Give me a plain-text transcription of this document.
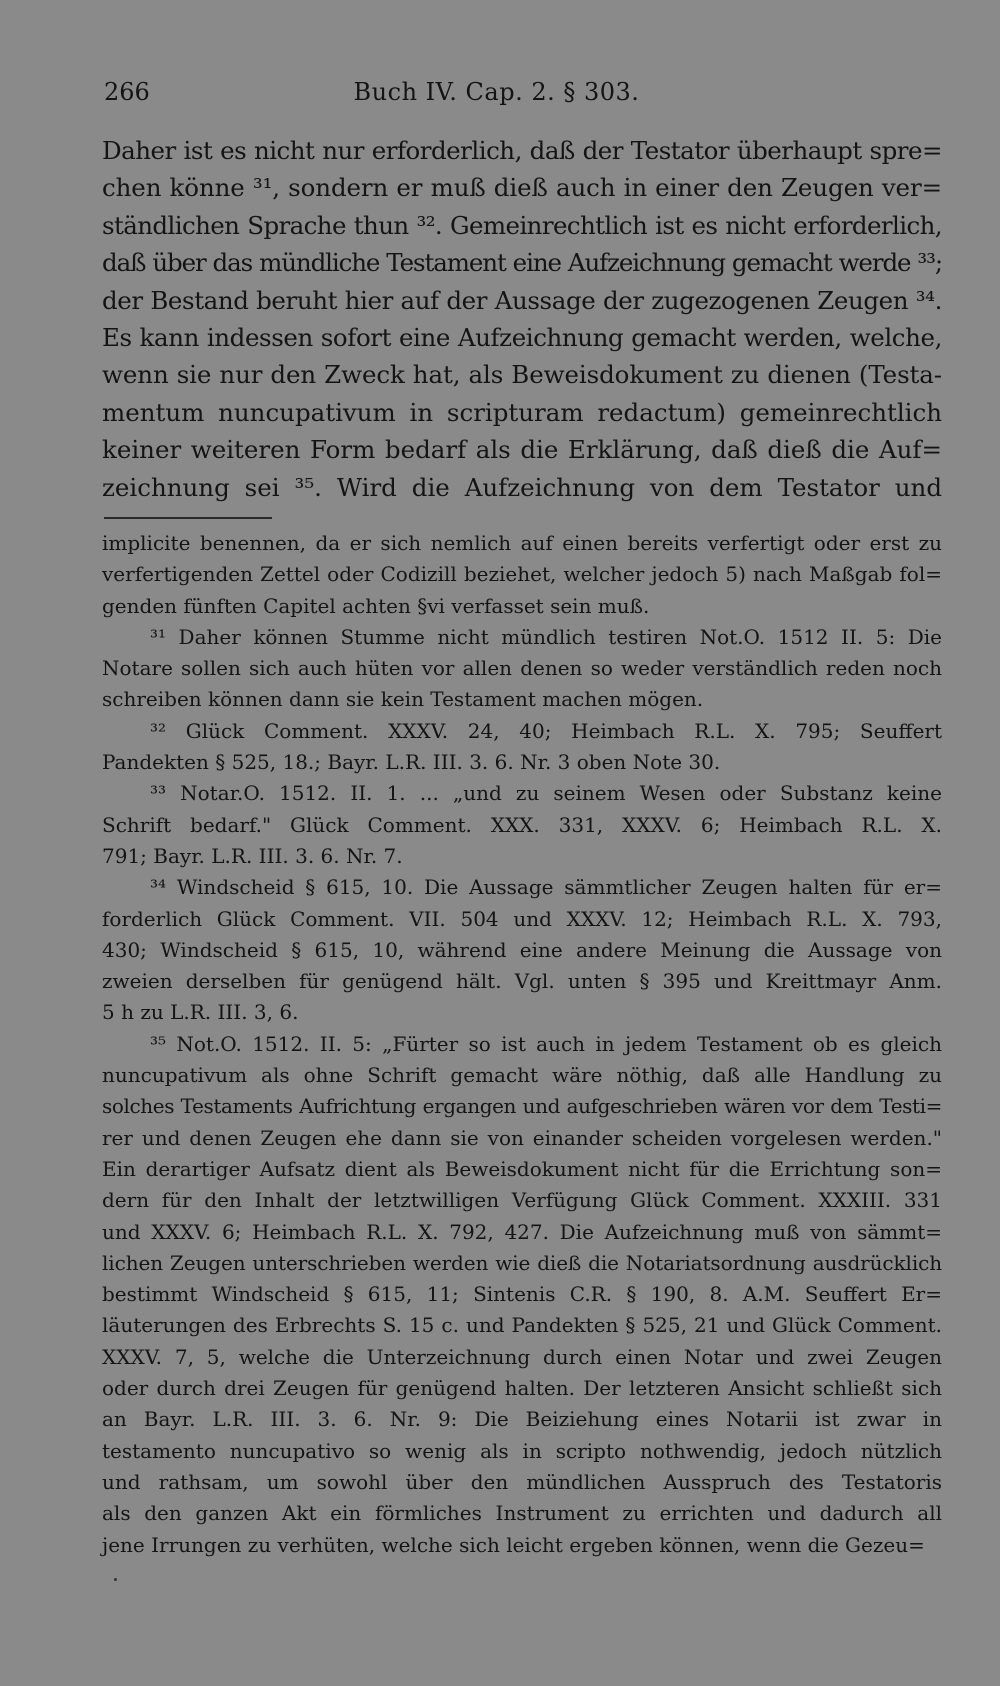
266	Buch IV. Cap. 2. § 303.
Daher ist es nicht nur erforderlich, daß der Testator überhaupt spre=
chen könne ³¹, sondern er muß dieß auch in einer den Zeugen ver=
ständlichen Sprache thun ³². Gemeinrechtlich ist es nicht erforderlich,
daß über das mündliche Testament eine Aufzeichnung gemacht werde ³³;
der Bestand beruht hier auf der Aussage der zugezogenen Zeugen ³⁴.
Es kann indessen sofort eine Aufzeichnung gemacht werden, welche,
wenn sie nur den Zweck hat, als Beweisdokument zu dienen (Testa-
mentum nuncupativum in scripturam redactum) gemeinrechtlich
keiner weiteren Form bedarf als die Erklärung, daß dieß die Auf=
zeichnung sei ³⁵. Wird die Aufzeichnung von dem Testator und
implicite benennen, da er sich nemlich auf einen bereits verfertigt oder erst zu
verfertigenden Zettel oder Codizill beziehet, welcher jedoch 5) nach Maßgab fol=
genden fünften Capitel achten §vi verfasset sein muß.
³¹ Daher können Stumme nicht mündlich testiren Not.O. 1512 II. 5: Die
Notare sollen sich auch hüten vor allen denen so weder verständlich reden noch
schreiben können dann sie kein Testament machen mögen.
³² Glück Comment. XXXV. 24, 40; Heimbach R.L. X. 795; Seuffert
Pandekten § 525, 18.; Bayr. L.R. III. 3. 6. Nr. 3 oben Note 30.
³³ Notar.O. 1512. II. 1. ... „und zu seinem Wesen oder Substanz keine
Schrift bedarf." Glück Comment. XXX. 331, XXXV. 6; Heimbach R.L. X.
791; Bayr. L.R. III. 3. 6. Nr. 7.
³⁴ Windscheid § 615, 10. Die Aussage sämmtlicher Zeugen halten für er=
forderlich Glück Comment. VII. 504 und XXXV. 12; Heimbach R.L. X. 793,
430; Windscheid § 615, 10, während eine andere Meinung die Aussage von
zweien derselben für genügend hält. Vgl. unten § 395 und Kreittmayr Anm.
5 h zu L.R. III. 3, 6.
³⁵ Not.O. 1512. II. 5: „Fürter so ist auch in jedem Testament ob es gleich
nuncupativum als ohne Schrift gemacht wäre nöthig, daß alle Handlung zu
solches Testaments Aufrichtung ergangen und aufgeschrieben wären vor dem Testi=
rer und denen Zeugen ehe dann sie von einander scheiden vorgelesen werden."
Ein derartiger Aufsatz dient als Beweisdokument nicht für die Errichtung son=
dern für den Inhalt der letztwilligen Verfügung Glück Comment. XXXIII. 331
und XXXV. 6; Heimbach R.L. X. 792, 427. Die Aufzeichnung muß von sämmt=
lichen Zeugen unterschrieben werden wie dieß die Notariatsordnung ausdrücklich
bestimmt Windscheid § 615, 11; Sintenis C.R. § 190, 8. A.M. Seuffert Er=
läuterungen des Erbrechts S. 15 c. und Pandekten § 525, 21 und Glück Comment.
XXXV. 7, 5, welche die Unterzeichnung durch einen Notar und zwei Zeugen
oder durch drei Zeugen für genügend halten. Der letzteren Ansicht schließt sich
an Bayr. L.R. III. 3. 6. Nr. 9: Die Beiziehung eines Notarii ist zwar in
testamento nuncupativo so wenig als in scripto nothwendig, jedoch nützlich
und rathsam, um sowohl über den mündlichen Ausspruch des Testatoris
als den ganzen Akt ein förmliches Instrument zu errichten und dadurch all
jene Irrungen zu verhüten, welche sich leicht ergeben können, wenn die Gezeu=
